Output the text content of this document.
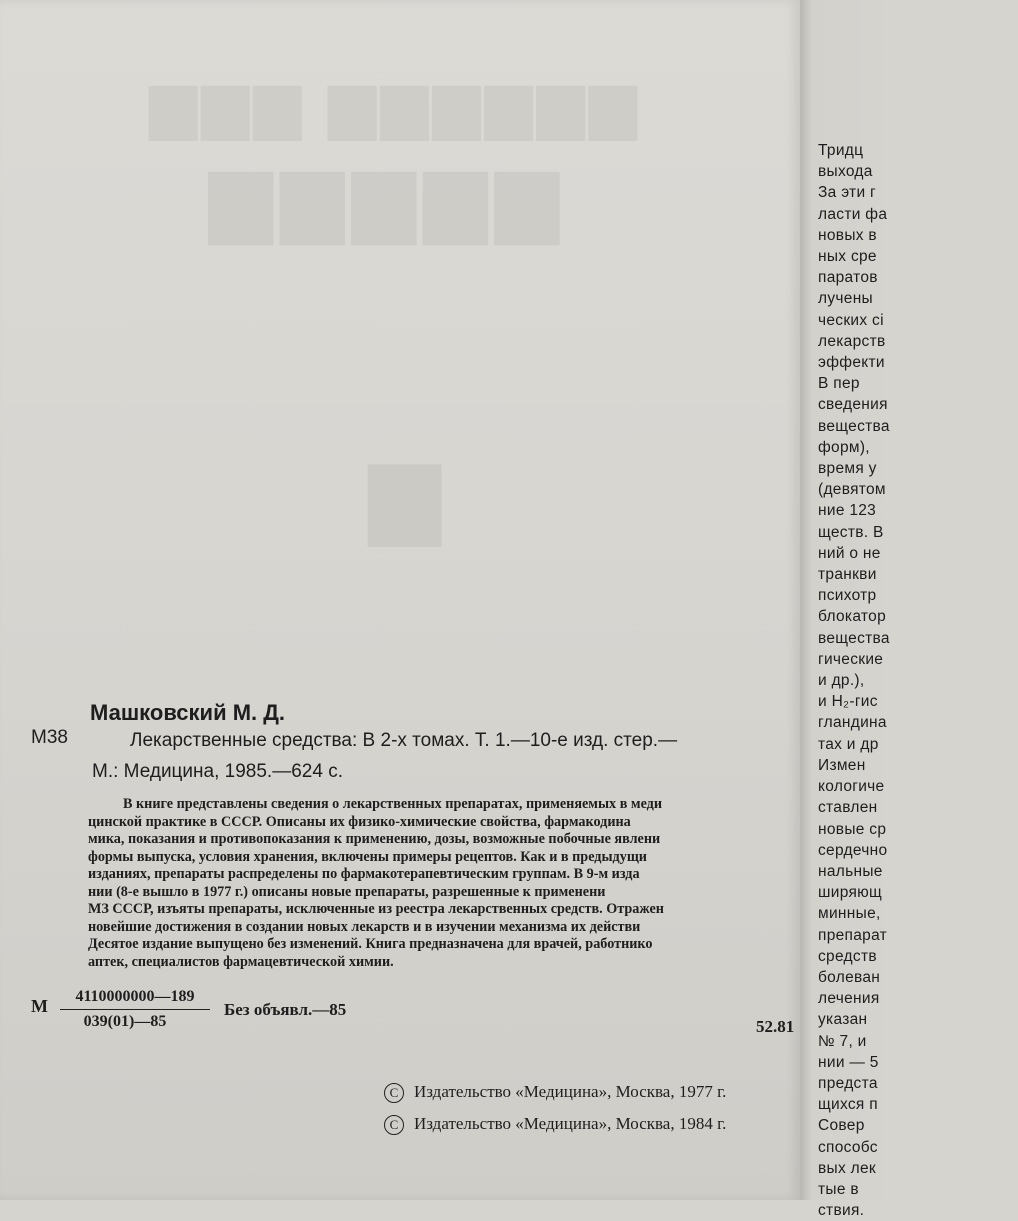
▆▆▆ ▆▆▆▆▆▆
▆▆▆▆▆
▆
Машковский М. Д.
М38	Лекарственные средства: В 2-х томах. Т. 1.—10-е изд. стер.—
М.: Медицина, 1985.—624 с.
В книге представлены сведения о лекарственных препаратах, применяемых в меди
цинской практике в СССР. Описаны их физико-химические свойства, фармакодина
мика, показания и противопоказания к применению, дозы, возможные побочные явлени
формы выпуска, условия хранения, включены примеры рецептов. Как и в предыдущи
изданиях, препараты распределены по фармакотерапевтическим группам. В 9-м изда
нии (8-е вышло в 1977 г.) описаны новые препараты, разрешенные к применени
МЗ СССР, изъяты препараты, исключенные из реестра лекарственных средств. Отражен
новейшие достижения в создании новых лекарств и в изучении механизма их действи
Десятое издание выпущено без изменений. Книга предназначена для врачей, работнико
аптек, специалистов фармацевтической химии.
М $\frac{4110000000—189}{039(01)—85}$ Без объявл.—85
52.81
С Издательство «Медицина», Москва, 1977 г.
С Издательство «Медицина», Москва, 1984 г.
Тридц
выхода
За эти г
ласти фа
новых в
ных сре
паратов
лучены
ческих сi
лекарств
эффекти
В пер
сведения
вещества
форм),
время у
(девятом
ние 123
ществ. В
ний о не
транкви
психотр
блокатор
вещества
гические
и др.),
и H₂-гис
гландина
тах и др
Измен
кологиче
ставлен
новые ср
сердечно
нальные
ширяющ
минные,
препарат
средств
болеван
лечения
указан
№ 7, и
нии — 5
предста
щихся п
Совер
способс
вых лек
тые в
ствия.
